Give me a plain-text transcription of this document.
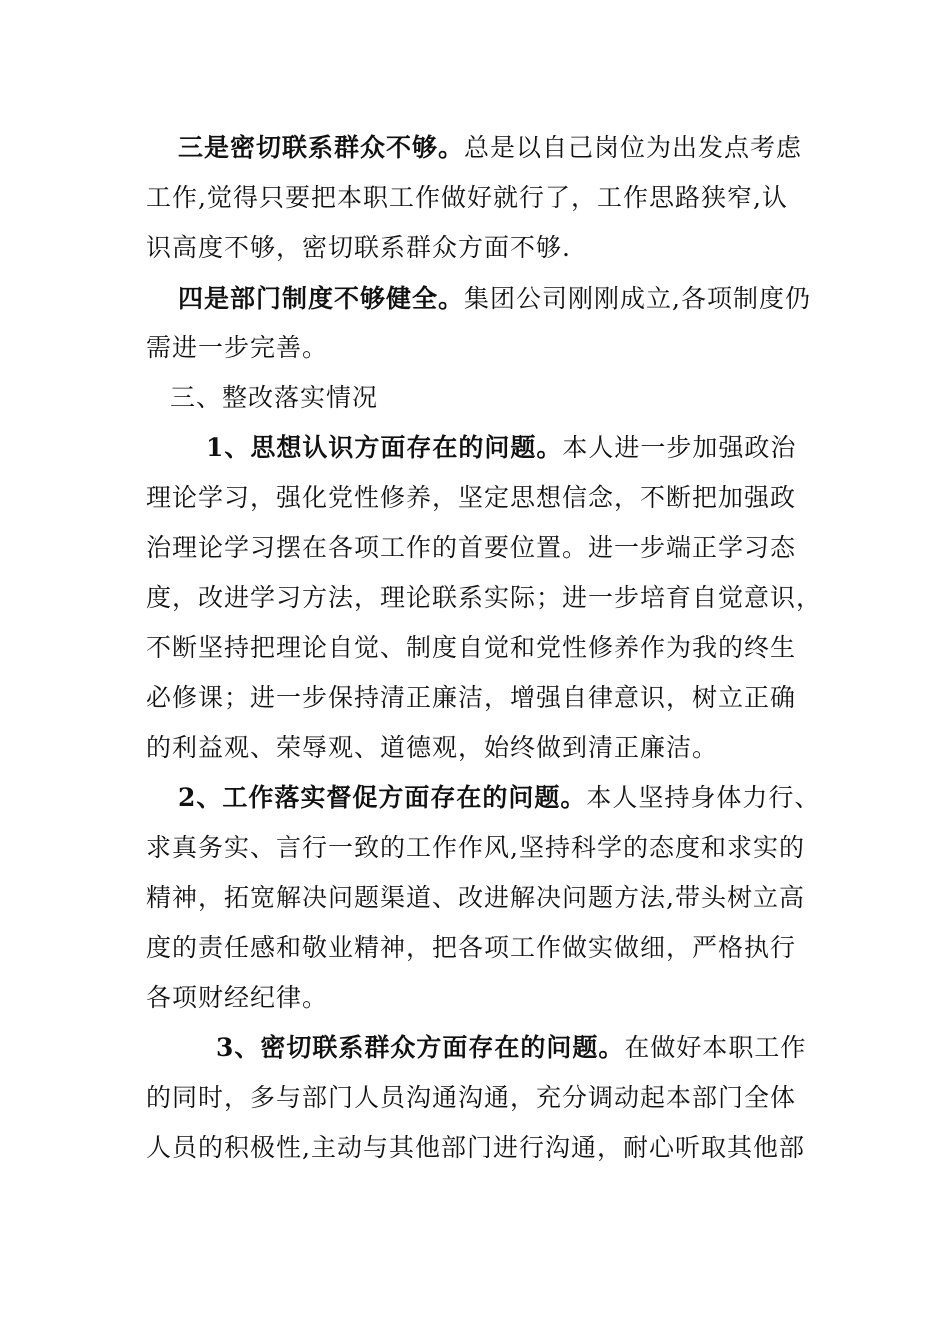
三是密切联系群众不够。总是以自己岗位为出发点考虑
工作,觉得只要把本职工作做好就行了，工作思路狭窄,认
识高度不够，密切联系群众方面不够.
四是部门制度不够健全。集团公司刚刚成立,各项制度仍
需进一步完善。
三、整改落实情况
1、思想认识方面存在的问题。本人进一步加强政治
理论学习，强化党性修养，坚定思想信念，不断把加强政
治理论学习摆在各项工作的首要位置。进一步端正学习态
度，改进学习方法，理论联系实际；进一步培育自觉意识，
不断坚持把理论自觉、制度自觉和党性修养作为我的终生
必修课；进一步保持清正廉洁，增强自律意识，树立正确
的利益观、荣辱观、道德观，始终做到清正廉洁。
2、工作落实督促方面存在的问题。本人坚持身体力行、
求真务实、言行一致的工作作风,坚持科学的态度和求实的
精神，拓宽解决问题渠道、改进解决问题方法,带头树立高
度的责任感和敬业精神，把各项工作做实做细，严格执行
各项财经纪律。
3、密切联系群众方面存在的问题。在做好本职工作
的同时，多与部门人员沟通沟通，充分调动起本部门全体
人员的积极性,主动与其他部门进行沟通，耐心听取其他部
